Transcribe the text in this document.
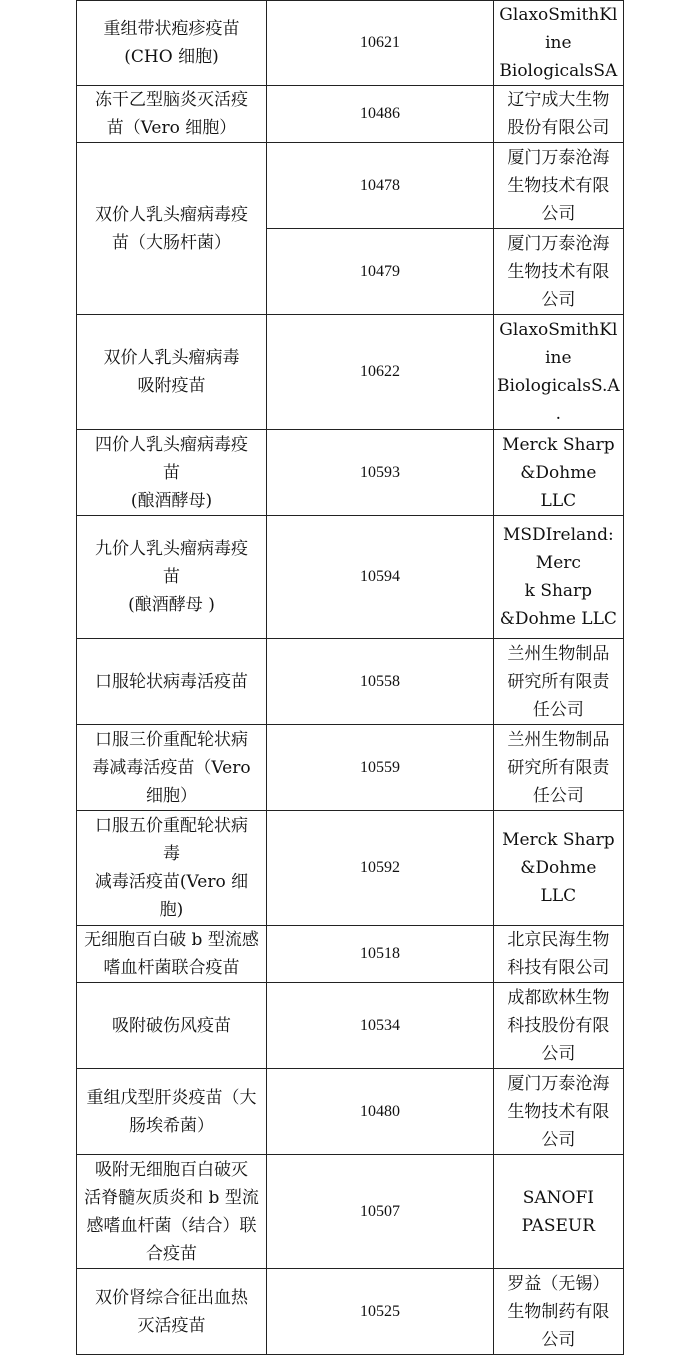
重组带状疱疹疫苗
(CHO 细胞)	10621	GlaxoSmithKl
ine
BiologicalsSA

冻干乙型脑炎灭活疫
苗（Vero 细胞）	10486	辽宁成大生物
股份有限公司

双价人乳头瘤病毒疫
苗（大肠杆菌）	10478	厦门万泰沧海
生物技术有限
公司

	10479	厦门万泰沧海
生物技术有限
公司

双价人乳头瘤病毒
吸附疫苗	10622	GlaxoSmithKl
ine
BiologicalsS.A
.

四价人乳头瘤病毒疫
苗
(酿酒酵母)	10593	Merck Sharp
&Dohme
LLC

九价人乳头瘤病毒疫
苗
(酿酒酵母 )	10594	MSDIreland:
Merc
k Sharp
&Dohme LLC

口服轮状病毒活疫苗	10558	兰州生物制品
研究所有限责
任公司

口服三价重配轮状病
毒减毒活疫苗（Vero
细胞）	10559	兰州生物制品
研究所有限责
任公司

口服五价重配轮状病
毒
减毒活疫苗(Vero 细
胞)	10592	Merck Sharp
&Dohme
LLC

无细胞百白破 b 型流感
嗜血杆菌联合疫苗	10518	北京民海生物
科技有限公司

吸附破伤风疫苗	10534	成都欧林生物
科技股份有限
公司

重组戊型肝炎疫苗（大
肠埃希菌）	10480	厦门万泰沧海
生物技术有限
公司

吸附无细胞百白破灭
活脊髓灰质炎和 b 型流
感嗜血杆菌（结合）联
合疫苗	10507	SANOFI
PASEUR

双价肾综合征出血热
灭活疫苗	10525	罗益（无锡）
生物制药有限
公司
